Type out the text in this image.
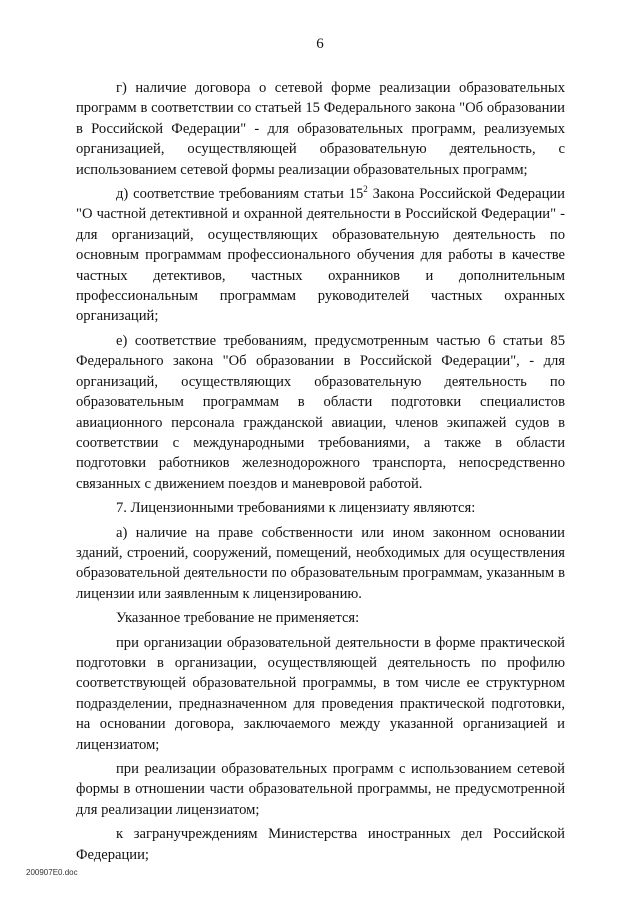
6

г) наличие договора о сетевой форме реализации образовательных программ в соответствии со статьей 15 Федерального закона "Об образовании в Российской Федерации" - для образовательных программ, реализуемых организацией, осуществляющей образовательную деятельность, с использованием сетевой формы реализации образовательных программ;

д) соответствие требованиям статьи $15^2$ Закона Российской Федерации "О частной детективной и охранной деятельности в Российской Федерации" - для организаций, осуществляющих образовательную деятельность по основным программам профессионального обучения для работы в качестве частных детективов, частных охранников и дополнительным профессиональным программам руководителей частных охранных организаций;

е) соответствие требованиям, предусмотренным частью 6 статьи 85 Федерального закона "Об образовании в Российской Федерации", - для организаций, осуществляющих образовательную деятельность по образовательным программам в области подготовки специалистов авиационного персонала гражданской авиации, членов экипажей судов в соответствии с международными требованиями, а также в области подготовки работников железнодорожного транспорта, непосредственно связанных с движением поездов и маневровой работой.

7. Лицензионными требованиями к лицензиату являются:

а) наличие на праве собственности или ином законном основании зданий, строений, сооружений, помещений, необходимых для осуществления образовательной деятельности по образовательным программам, указанным в лицензии или заявленным к лицензированию.

Указанное требование не применяется:

при организации образовательной деятельности в форме практической подготовки в организации, осуществляющей деятельность по профилю соответствующей образовательной программы, в том числе ее структурном подразделении, предназначенном для проведения практической подготовки, на основании договора, заключаемого между указанной организацией и лицензиатом;

при реализации образовательных программ с использованием сетевой формы в отношении части образовательной программы, не предусмотренной для реализации лицензиатом;

к загранучреждениям Министерства иностранных дел Российской Федерации;

200907E0.doc
